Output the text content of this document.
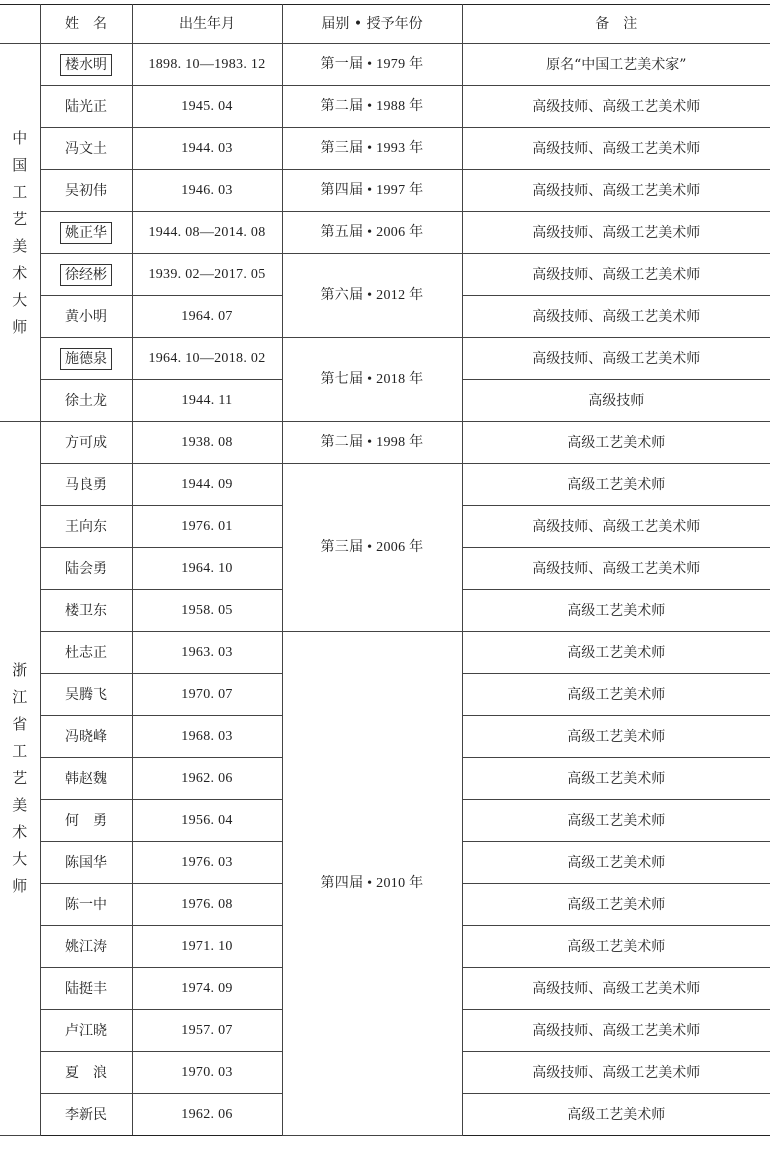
	姓　名	出生年月	届别 • 授予年份	备　注
中国工艺美术大师	楼水明	1898. 10—1983. 12	第一届 • 1979 年	原名“中国工艺美术家”
	陆光正	1945. 04	第二届 • 1988 年	高级技师、高级工艺美术师
	冯文土	1944. 03	第三届 • 1993 年	高级技师、高级工艺美术师
	吴初伟	1946. 03	第四届 • 1997 年	高级技师、高级工艺美术师
	姚正华	1944. 08—2014. 08	第五届 • 2006 年	高级技师、高级工艺美术师
	徐经彬	1939. 02—2017. 05	第六届 • 2012 年	高级技师、高级工艺美术师
	黄小明	1964. 07		高级技师、高级工艺美术师
	施德泉	1964. 10—2018. 02	第七届 • 2018 年	高级技师、高级工艺美术师
	徐土龙	1944. 11		高级技师
浙江省工艺美术大师	方可成	1938. 08	第二届 • 1998 年	高级工艺美术师
	马良勇	1944. 09	第三届 • 2006 年	高级工艺美术师
	王向东	1976. 01		高级技师、高级工艺美术师
	陆会勇	1964. 10		高级技师、高级工艺美术师
	楼卫东	1958. 05		高级工艺美术师
	杜志正	1963. 03	第四届 • 2010 年	高级工艺美术师
	吴腾飞	1970. 07		高级工艺美术师
	冯晓峰	1968. 03		高级工艺美术师
	韩赵魏	1962. 06		高级工艺美术师
	何　勇	1956. 04		高级工艺美术师
	陈国华	1976. 03		高级工艺美术师
	陈一中	1976. 08		高级工艺美术师
	姚江涛	1971. 10		高级工艺美术师
	陆挺丰	1974. 09		高级技师、高级工艺美术师
	卢江晓	1957. 07		高级技师、高级工艺美术师
	夏　浪	1970. 03		高级技师、高级工艺美术师
	李新民	1962. 06		高级工艺美术师
